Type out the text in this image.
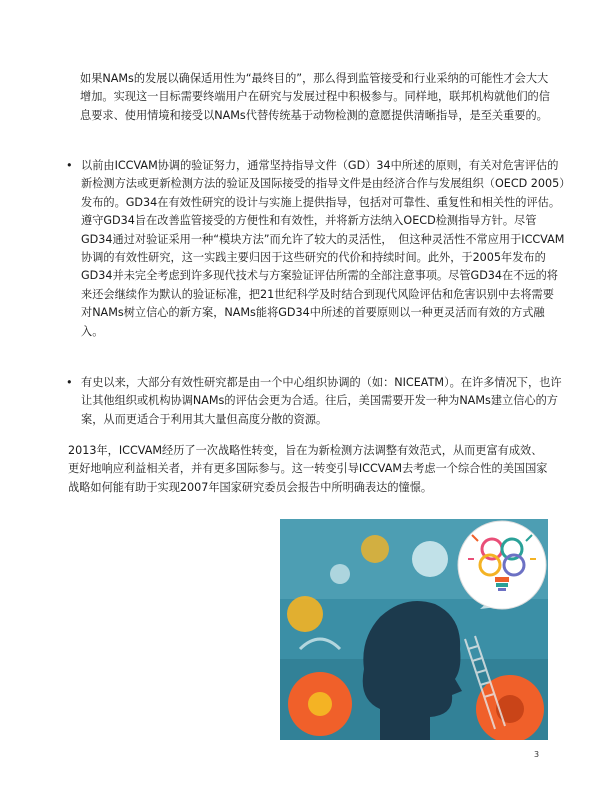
如果NAMs的发展以确保适用性为“最终目的”，那么得到监管接受和行业采纳的可能性才会大大增加。实现这一目标需要终端用户在研究与发展过程中积极参与。同样地，联邦机构就他们的信息要求、使用情境和接受以NAMs代替传统基于动物检测的意愿提供清晰指导，是至关重要的。

• 以前由ICCVAM协调的验证努力，通常坚持指导文件（GD）34中所述的原则，有关对危害评估的新检测方法或更新检测方法的验证及国际接受的指导文件是由经济合作与发展组织（OECD 2005）发布的。GD34在有效性研究的设计与实施上提供指导，包括对可靠性、重复性和相关性的评估。遵守GD34旨在改善监管接受的方便性和有效性，并将新方法纳入OECD检测指导方针。尽管GD34通过对验证采用一种“模块方法”而允许了较大的灵活性，　但这种灵活性不常应用于ICCVAM协调的有效性研究，这一实践主要归因于这些研究的代价和持续时间。此外，于2005年发布的GD34并未完全考虑到许多现代技术与方案验证评估所需的全部注意事项。尽管GD34在不远的将来还会继续作为默认的验证标准，把21世纪科学及时结合到现代风险评估和危害识别中去将需要对NAMs树立信心的新方案，NAMs能将GD34中所述的首要原则以一种更灵活而有效的方式融入。
• 有史以来，大部分有效性研究都是由一个中心组织协调的（如：NICEATM）。在许多情况下，也许让其他组织或机构协调NAMs的评估会更为合适。往后，美国需要开发一种为NAMs建立信心的方案，从而更适合于利用其大量但高度分散的资源。

2013年，ICCVAM经历了一次战略性转变，旨在为新检测方法调整有效范式，从而更富有成效、更好地响应利益相关者，并有更多国际参与。这一转变引导ICCVAM去考虑一个综合性的美国国家战略如何能有助于实现2007年国家研究委员会报告中所明确表达的憧憬。

3
